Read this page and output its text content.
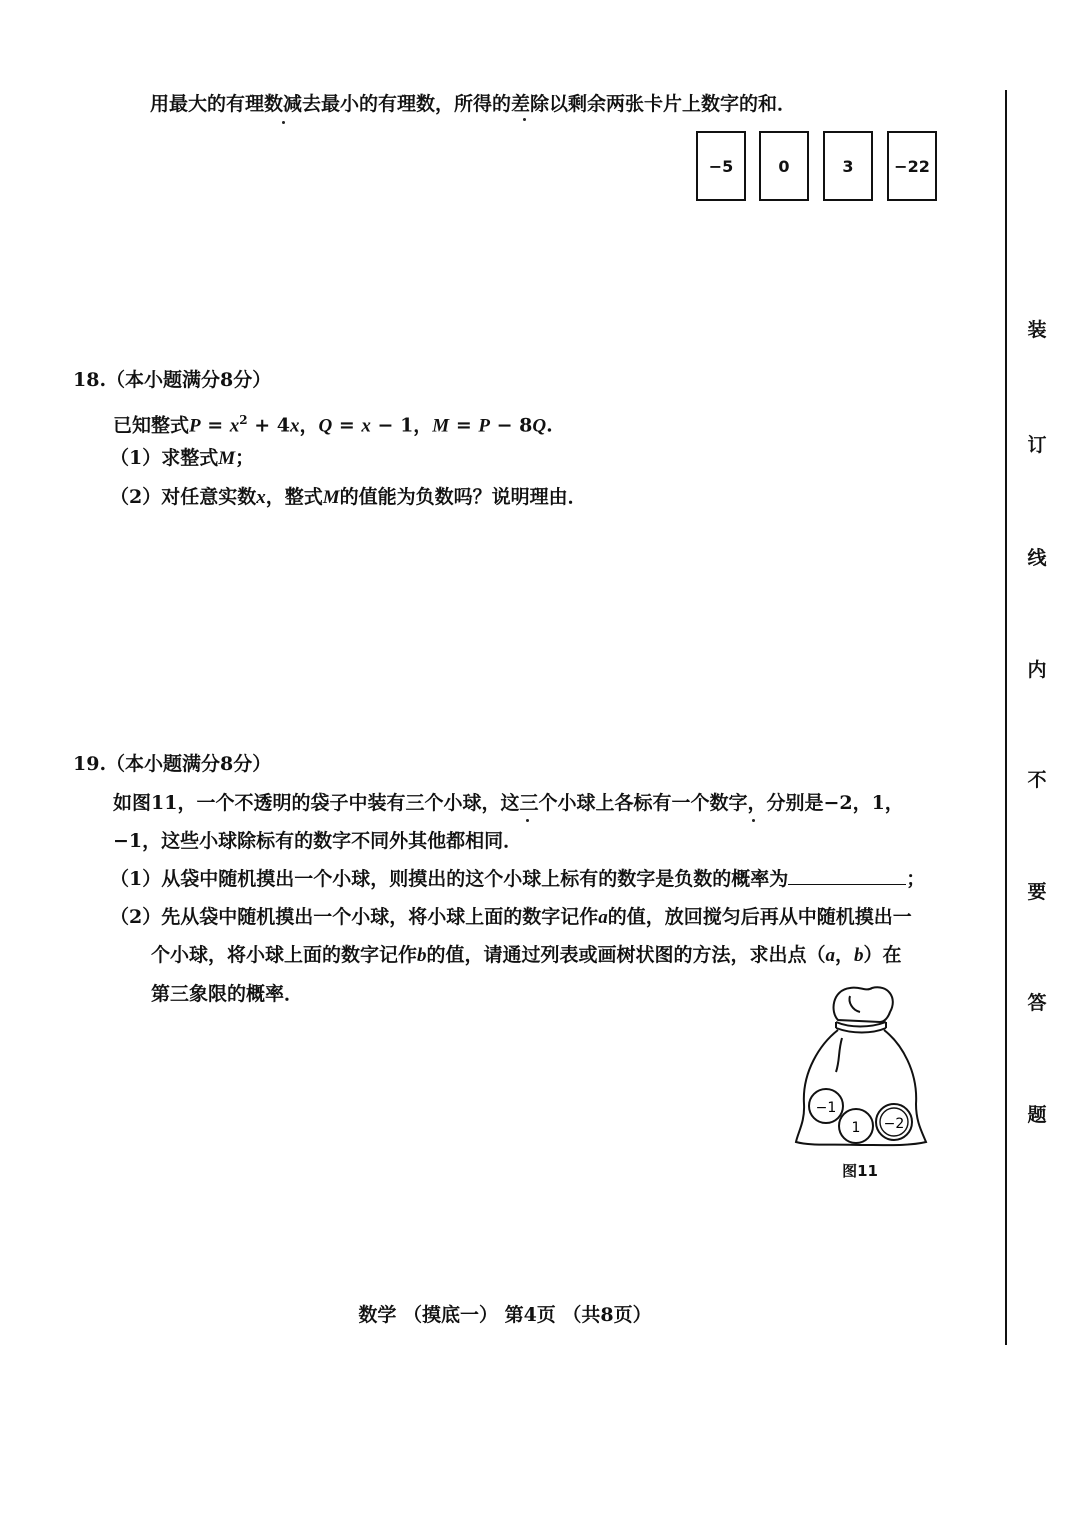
用最大的有理数减去最小的有理数，所得的差除以剩余两张卡片上数字的和．
−5	0	3	−22
18.（本小题满分8分）
已知整式$P = x^2 + 4x$，Q = x − 1，M = P − 8Q.
（1）求整式M；
（2）对任意实数x，整式M的值能为负数吗？说明理由．
19.（本小题满分8分）
如图11，一个不透明的袋子中装有三个小球，这三个小球上各标有一个数字，分别是−2，1，
−1，这些小球除标有的数字不同外其他都相同．
（1）从袋中随机摸出一个小球，则摸出的这个小球上标有的数字是负数的概率为	；
（2）先从袋中随机摸出一个小球，将小球上面的数字记作a的值，放回搅匀后再从中随机摸出一
个小球，将小球上面的数字记作b的值，请通过列表或画树状图的方法，求出点（a，b）在
第三象限的概率．
−1
1 −2
图11
装
订
线
内
不
要
答
题
数学 （摸底一） 第4页 （共8页）
